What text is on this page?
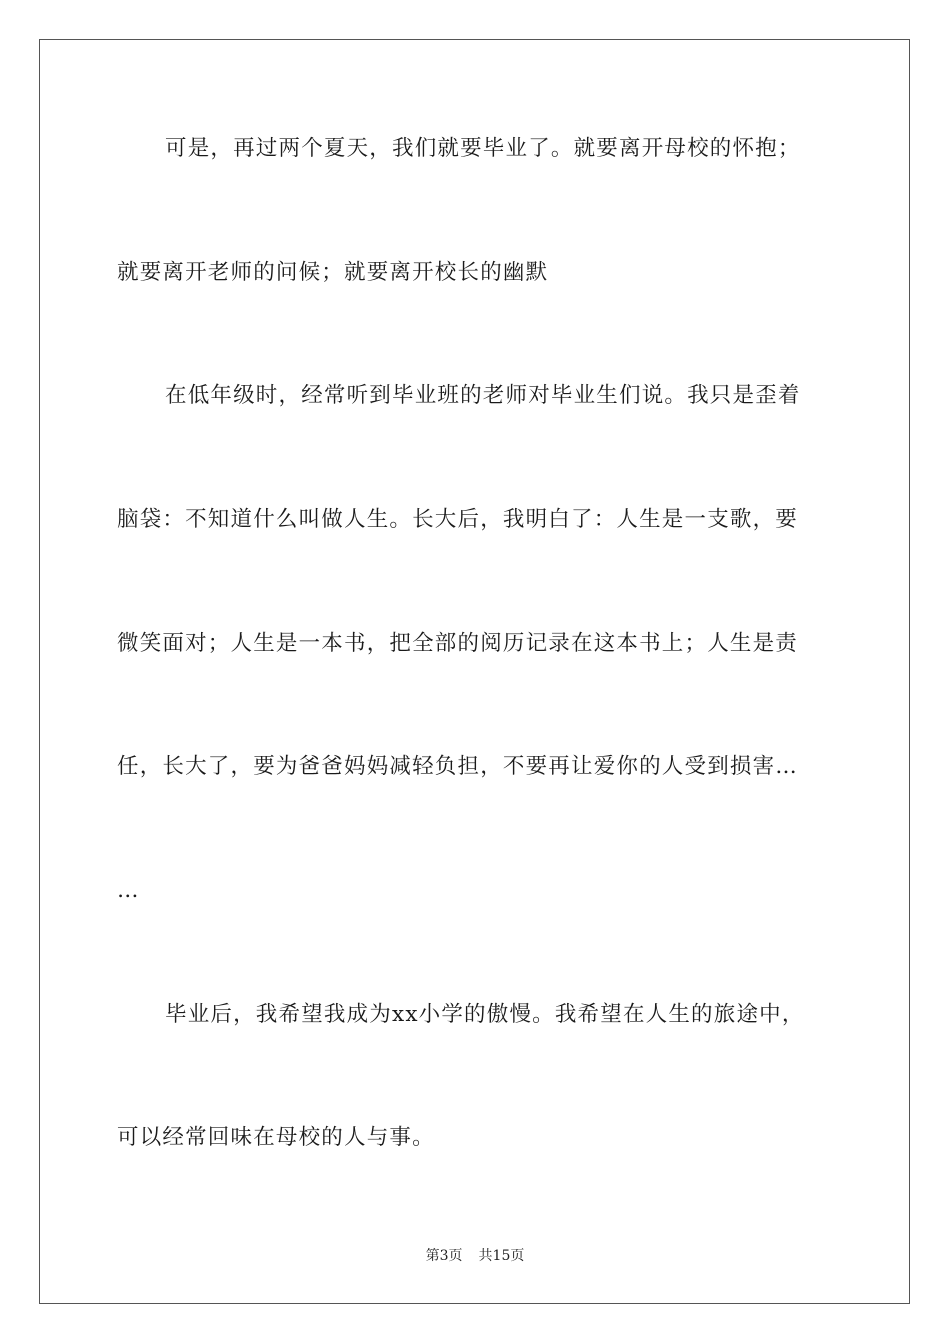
可是，再过两个夏天，我们就要毕业了。就要离开母校的怀抱；
就要离开老师的问候；就要离开校长的幽默
在低年级时，经常听到毕业班的老师对毕业生们说。我只是歪着
脑袋：不知道什么叫做人生。长大后，我明白了：人生是一支歌，要
微笑面对；人生是一本书，把全部的阅历记录在这本书上；人生是责
任，长大了，要为爸爸妈妈减轻负担，不要再让爱你的人受到损害…
…
毕业后，我希望我成为xx小学的傲慢。我希望在人生的旅途中，
可以经常回味在母校的人与事。
第3页 共15页
